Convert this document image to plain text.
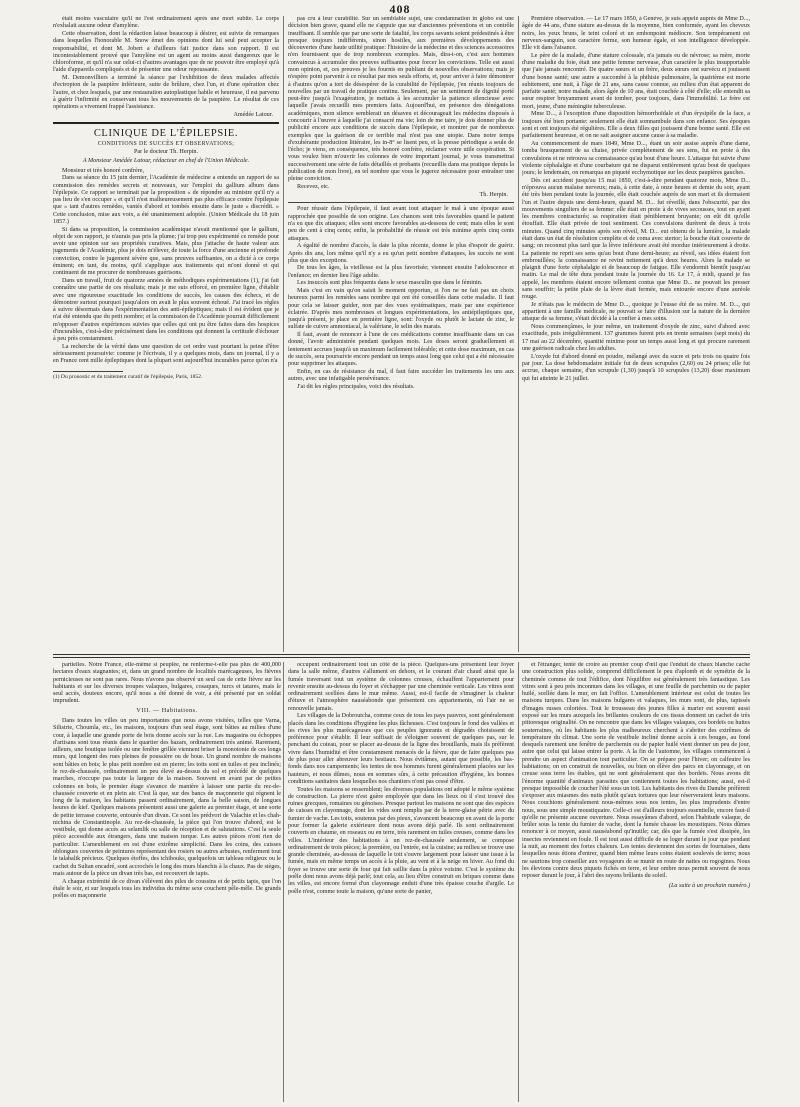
408

était moins vasculaire qu'il ne l'est ordinairement après une mort subite. Le corps n'exhalait aucune odeur d'amylène.

Cette observation, dont la rédaction laisse beaucoup à désirer, est suivie de remarques dans lesquelles l'honorable M. Snow émet des opinions dont lui seul peut accepter la responsabilité, et dont M. Jobert a d'ailleurs fait justice dans son rapport. Il est incontestablement prouvé que l'amylène est un agent au moins aussi dangereux que le chloroforme, et qu'il n'a sur celui-ci d'autres avantages que de ne pouvoir être employé qu'à l'aide d'appareils compliqués et de présenter une odeur repoussante.

M. Demonvilliers a terminé la séance par l'exhibition de deux malades affectés d'ectropion de la paupière inférieure, suite de brûlure, chez l'un, et d'une opération chez l'autre, et chez lesquels, par une restauration autoplastique habile et heureuse, il est parvenu à guérir l'infirmité en conservant tous les mouvements de la paupière. Le résultat de ces opérations a vivement frappé l'assistance.

Amédée Latour.
CLINIQUE DE L'ÉPILEPSIE.
CONDITIONS DE SUCCÈS ET OBSERVATIONS;
Par le docteur Th. Herpin.
A Monsieur Amédée Latour, rédacteur en chef de l'Union Médicale.

Monsieur et très honoré confrère,

Dans sa séance du 15 juin dernier, l'Académie de médecine a entendu un rapport de sa commission des remèdes secrets et nouveaux, sur l'emploi du gallium album dans l'épilepsie. Ce rapport se terminait par la proposition « de répondre au ministre qu'il n'y a pas lieu de s'en occuper » et qu'il n'est malheureusement pas plus efficace contre l'épilepsie que » tant d'autres remèdes, vantés d'abord et tombés ensuite dans le juste » discrédit. » Cette conclusion, mise aux voix, a été unanimement adoptée. (Union Médicale du 18 juin 1857.)

Si dans sa proposition, la commission académique n'avait mentionné que le gallium, objet de son rapport, je n'aurais pas pris la plume; j'ai trop peu expérimenté ce remède pour avoir une opinion sur ses propriétés curatives. Mais, plus j'attache de haute valeur aux jugements de l'Académie, plus je dois m'élever, de toute la force d'une ancienne et profonde conviction, contre le jugement sévère que, sans preuves suffisantes, on a dicté à ce corps éminent; en tant, du moins, qu'il s'applique aux traitements qui m'ont donné et qui continuent de me procurer de nombreuses guérisons.

Dans un travail, fruit de quatorze années de méthodiques expérimentations (1), j'ai fait connaître une partie de ces résultats; mais je me suis efforcé, en première ligne, d'établir avec une rigoureuse exactitude les conditions de succès, les causes des échecs, et de démontrer surtout pourquoi jusqu'alors on avait le plus souvent échoué. J'ai tracé les règles à suivre désormais dans l'expérimentation des anti-épileptiques; mais il est évident que je n'ai été entendu que du petit nombre; et la commission de l'Académie pourrait difficilement m'opposer d'autres expériences suivies que celles qui ont pu être faites dans des hospices d'incurables, c'est-à-dire précisément dans les conditions qui donnent la certitude d'échouer à peu près constamment.

La recherche de la vérité dans une question de cet ordre vaut pourtant la peine d'être sérieusement poursuivie: comme je l'écrivais, il y a quelques mois, dans un journal, il y a en France cent mille épileptiques dont la plupart sont aujourd'hui incurables parce qu'on n'a

(1) Du pronostic et du traitement curatif de l'épilepsie, Paris, 1852.

pas cru à leur curabilité. Sur un semblable sujet, une condamnation in globo est une décision bien grave, quand elle ne s'appuie que sur d'anciennes préventions et un contrôle insuffisant. Il semble que par une sorte de fatalité, les corps savants soient prédestinés à être presque toujours indifférents, sinon hostiles, aux premières développements des découvertes d'une haute utilité pratique: l'histoire de la médecine et des sciences accessoires n'en fournissent que de trop nombreux exemples. Mais, dira-t-on, c'est aux hommes convaincus à accumuler des preuves suffisantes pour forcer les convictions. Telle est aussi mon opinion, et, ces preuves je les fournis en publiant de nouvelles observations; mais je n'espère point parvenir à ce résultat par mes seuls efforts, et, pour arriver à faire démontrer à d'autres qu'on a tort de désespérer de la curabilité de l'épilepsie, j'en réunis toujours de nouvelles par un travail de pratique continu. Seulement, par un sentiment de dignité porté peut-être jusqu'à l'exagération, je mettais à les accumuler la patience silencieuse avec laquelle j'avais recueilli mes premiers faits. Aujourd'hui, en présence des dénégations académiques, mon silence semblerait un désaveu et décourageait les médecins disposés à concourir à l'œuvre à laquelle j'ai consacré ma vie; loin de me taire, je dois donner plus de publicité encore aux conditions de succès dans l'épilepsie, et montrer par de nombreux exemples que la guérison de ce terrible mal n'est pas une utopie. Dans notre temps d'exubérante production littéraire, les in-8° se lisent peu, et la presse périodique a seule de l'écho; je viens, en conséquence, très honoré confrère, réclamer votre utile coopération. Si vous voulez bien m'ouvrir les colonnes de votre important journal, je vous transmettrai successivement une série de faits détaillés et probants (recueillis dans ma pratique depuis la publication de mon livre), en tel nombre que vous le jugerez nécessaire pour entraîner une pleine conviction.

Recevez, etc.

Th. Herpin.

Pour réussir dans l'épilepsie, il faut avant tout attaquer le mal à une époque aussi rapprochée que possible de son origine. Les chances sont très favorables quand le patient n'a eu que dix attaques; elles sont encore favorables au-dessous de cent; mais elles le sont peu de cent à cinq cents; enfin, la probabilité de réussir est très minime après cinq cents attaques.

A égalité de nombre d'accès, la date la plus récente, donne le plus d'espoir de guérir. Après dix ans, lors même qu'il n'y a eu qu'un petit nombre d'attaques, les succès ne sont plus que des exceptions.

De tous les âges, la vieillesse est la plus favorisée; viennent ensuite l'adolescence et l'enfance; en dernier lieu l'âge adulte.

Les insuccès sont plus fréquents dans le sexe masculin que dans le féminin.

Mais c'est en vain qu'on saisit le moment opportun, si l'on ne ne fait pas un choix heureux parmi les remèdes sans nombre qui ont été conseillés dans cette maladie. Il faut pour cela se laisser guider, non par des vues systématiques, mais par une expérience éclairée. D'après mes nombreuses et longues expérimentations, les antiépileptiques que, jusqu'à présent, je place en première ligne, sont: l'oxyde ou plutôt le lactate de zinc, le sulfate de cuivre ammoniacal, la valériane, le selin des marais.

Il faut, avant de renoncer à l'une de ces médications comme insuffisante dans un cas donné, l'avoir administrée pendant quelques mois. Les doses seront graduellement et lentement accrues jusqu'à un maximum facilement tolérable; et cette dose maximum, en cas de succès, sera poursuivie encore pendant un temps aussi long que celui qui a été nécessaire pour supprimer les attaques.

Enfin, en cas de résistance du mal, il faut faire succéder les traitements les uns aux autres, avec une infatigable persévérance.

J'ai dit les règles principales, voici des résultats.

Première observation. — Le 17 mars 1850, à Genève, je suis appelé auprès de Mme D..., âgée de 44 ans, d'une stature au-dessus de la moyenne, bien conformée, ayant les cheveux noirs, les yeux bruns, le teint coloré et un embonpoint médiocre. Son tempérament est nerveux-sanguin, son caractère ferme, son humeur égale, et son intelligence développée. Elle vit dans l'aisance.

Le père de la malade, d'une stature colossale, n'a jamais eu de névrose; sa mère, morte d'une maladie du foie, était une petite femme nerveuse, d'un caractère le plus insupportable que j'aie jamais rencontré. De quatre sœurs et un frère, deux sœurs ont survécu et jouissent d'une bonne santé; une autre a succombé à la phthisie pulmonaire, la quatrième est morte subitement, une nuit, à l'âge de 21 ans, sans cause connue, au milieu d'un état apparent de parfaite santé; notre malade, alors âgée de 10 ans, était couchée à côté d'elle; elle entendit sa sœur respirer bruyamment avant de tomber, pour toujours, dans l'immobilité. Le frère est mort, jeune, d'une méningite tuberculeuse.

Mme D..., à l'exception d'une disposition hémorrhoïdale et d'un érysipèle de la face, a toujours été bien portante: seulement elle était somnambule dans son enfance. Ses époques sont et ont toujours été régulières. Elle a deux filles qui jouissent d'une bonne santé. Elle est parfaitement heureuse, et on ne sait assigner aucune cause à sa maladie.

Au commencement de mars 1849, Mme D..., étant un soir assise auprès d'une dame, tomba brusquement de sa chaise, privée complètement de ses sens, fut en proie à des convulsions et ne retrouva sa connaissance qu'au bout d'une heure. L'attaque fut suivie d'une violente céphalalgie et d'une courbature qui ne disparut entièrement qu'au bout de quelques jours; le lendemain, on remarqua un piqueté ecchymotique sur les deux paupières gauches.

Dès cet accident jusqu'au 15 mai 1850, c'est-à-dire pendant quatorze mois, Mme D... n'éprouva aucun malaise nerveux; mais, à cette date, à onze heures et demie du soir, ayant été très bien pendant toute la journée, elle était couchée auprès de son mari et ils dormaient l'un et l'autre depuis une demi-heure, quand M. D... fut réveillé, dans l'obscurité, par des mouvements singuliers de sa femme: elle était en proie à de vives secousses, tout en ayant les membres contracturés; sa respiration était péniblement bruyante; on eût dit qu'elle étouffait. Elle était privée de tout sentiment. Ces convulsions durèrent de deux à trois minutes. Quand cinq minutes après son réveil, M. D... eut obtenu de la lumière, la malade était dans un état de résolution complète et de coma avec stertor; la bouche était couverte de sang; on reconnut plus tard que la lèvre inférieure avait été mordue intérieurement à droite. La patiente ne reprit ses sens qu'au bout d'une demi-heure; au réveil, ses idées étaient fort embrouillées; la connaissance ne revint nettement qu'à deux heures. Alors la malade se plaignit d'une forte céphalalgie et de beaucoup de fatigue. Elle s'endormit bientôt jusqu'au matin. Le mal de tête dura pendant toute la journée du 16. Le 17, à midi, quand je fus appelé, les membres étaient encore tellement contus que Mme D... ne pouvait les presser sans souffrir; la petite plaie de la lèvre était fermée, mais entourée encore d'une auréole rouge.

Je n'étais pas le médecin de Mme D..., quoique je l'eusse été de sa mère. M. D..., qui appartient à une famille médicale, ne pouvait se faire d'illusion sur la nature de la dernière attaque de sa femme, s'était décidé à la confier à mes soins.

Nous commençâmes, le jour même, un traitement d'oxyde de zinc, suivi d'abord avec exactitude, puis irrégulièrement. 137 grammes furent pris en trente semaines (sept mois) du 17 mai au 22 décembre, quantité minime pour un temps aussi long et qui procure rarement une guérison radicale chez les adultes.

L'oxyde fut d'abord donné en poudre, mélangé avec du sucre et pris trois ou quatre fois par jour. La dose hebdomadaire initiale fut de deux scrupules (2,60) ou 24 prises; elle fut accrue, chaque semaine, d'un scrupule (1,30) jusqu'à 10 scrupules (13,20) dose maximum qui fut atteinte le 21 juillet.

partielles. Notre France, elle-même si peuplée, ne renferme-t-elle pas plus de 400,000 hectares d'eaux stagnantes; et, dans un grand nombre de localités marécageuses, les fièvres pernicieuses ne sont pas rares. Nous n'avons pas observé un seul cas de cette fièvre sur les habitants et sur les diverses troupes valaques, bulgares, cosaques, turcs et tatares, mais le seul accès, douteux encore, qu'il nous a été donné de voir, a été présenté par un soldat imprudent.

VIII. — Habitations.

Dans toutes les villes un peu importantes que nous avons visitées, telles que Varna, Silistrie, Choumla, etc., les maisons, toujours d'un seul étage, sont bâties au milieu d'une cour, à laquelle une grande porte de bois donne accès sur la rue. Les magasins ou échoppes d'artisans sont tous réunis dans le quartier des bazars, ordinairement très animé. Rarement, ailleurs, une boutique isolée ou une fenêtre grillée viennent briser la monotonie de ces longs murs, qui longent des rues pleines de poussière ou de boue. Un grand nombre de maisons sont bâties en bois; le plus petit nombre est en pierre; les toits sont en tuiles et peu inclinés; le rez-de-chaussée, ordinairement un peu élevé au-dessus du sol et précédé de quelques marches, n'occupe pas toute la largeur de la maison. Souvent en avant par de petites colonnes en bois, le premier étage s'avance de manière à laisser une partie du rez-de-chaussée couverte et en plein air. C'est là que, sur des bancs de maçonnerie qui régnent le long de la maison, les habitants passent ordinairement, dans la belle saison, de longues heures de kief. Quelques maisons présentent aussi une galerie au premier étage, et une sorte de petite terrasse couverte, entourée d'un divan. Ce sont les prédvori de Valachie et les chah-nichina de Constantinople. Au rez-de-chaussée, la pièce qui l'on trouve d'abord, est le vestibule, qui donne accès au selamlik ou salle de réception et de salutations. C'est la seule pièce accessible aux étrangers, dans une maison turque. Les autres pièces n'ont rien de particulier. L'ameublement en est d'une extrême simplicité. Dans les coins, des caisses oblongues couvertes de peintures représentant des rosiers ou autres arbustes, renferment tout le talabalik précieux. Quelques étoffes, des tchibouks, quelquefois un tableau religieux ou le cachet du Sultan encadré, sont accrochés le long des murs blanchis à la chaux. Pas de sièges, mais autour de la pièce un divan très bas, est recouvert de tapis.

A chaque extrémité de ce divan s'élèvent des piles de coussins et de petits tapis, que l'on étale le soir, et sur lesquels tous les individus du même sexe couchent pêle-mêle. De grands poêles en maçonnerie

occupent ordinairement tout un côté de la pièce. Quelques-uns présentent leur foyer dans la salle même, d'autres s'allument en dehors, et le courant d'air chaud ainsi que la fumée traversant tout un système de colonnes creuses, échauffent l'appartement pour revenir ensuite au-dessus du foyer et s'échapper par une cheminée verticale. Les vitres sont ordinairement scellées dans le mur même. Aussi, est-il facile de s'imaginer la chaleur d'étuve et l'atmosphère nauséabonde que présentent ces appartements, où l'air ne se renouvelle jamais.

Les villages de la Dobroutcha, comme ceux de tous les pays pauvres, sont généralement placés dans les conditions d'hygiène les plus fâcheuses. C'est toujours le fond des vallées et les rives les plus marécageuses que ces peuples ignorants et dégradés choisissent de préférence pour s'établir. Il leur suffisait de s'éloigner souvent de quelques pas, sur le penchant du coteau, pour se placer au-dessus de la ligne des brouillards, mais ils préfèrent vivre dans l'humidité et être constamment menacés de la fièvre, que de faire quelques pas de plus pour aller abreuver leurs bestiaux. Nous évitâmes, autant que possible, les bas-fonds dans nos campements; les tentes de nos hommes furent généralement placées sur les hauteurs, et nous dûmes, nous en sommes sûrs, à cette précaution d'hygiène, les bonnes conditions sanitaires dans lesquelles nos chantiers n'ont pas cessé d'être.

Toutes les maisons se ressemblent; les diverses populations ont adopté le même système de construction. La pierre n'est guère employée que dans les lieux où il s'est trouvé des ruines grecques, romaines ou génoises. Presque partout les maisons ne sont que des espèces de caisses en clayonnage, dont les vides sont remplis par de la terre-glaise pétrie avec du fumier de vache. Les toits, soutenus par des pieux, s'avancent beaucoup en avant de la porte pour former la galerie extérieure dont nous avons déjà parlé. Ils sont ordinairement couverts en chaume, en roseaux ou en terre, très rarement en tuiles creuses, comme dans les villes. L'intérieur des habitations à un rez-de-chaussée seulement, se compose ordinairement de trois pièces; la première, ou l'entrée, est la cuisine; au milieu se trouve une grande cheminée, au-dessus de laquelle le toit s'ouvre largement pour laisser une issue à la fumée, mais en même temps un accès à la pluie, au vent et à la neige en hiver. Au fond du foyer se trouve une sorte de four qui fait saillie dans la pièce voisine. C'est le système du poêle dont nous avons déjà parlé; tout cela, au lieu d'être construit en briques comme dans les villes, est encore formé d'un clayonnage enduit d'une très épaisse couche d'argile. Le poêle n'est, comme toute la maison, qu'une sorte de panier,

et l'étranger, tenté de croire au premier coup d'œil que l'enduit de chaux blanche cache une construction plus solide, comprend difficilement le peu d'aplomb et de symétrie de la cheminée comme de tout l'édifice, dont l'équilibre est généralement très fantastique. Les vitres sont à peu près inconnues dans les villages, et une feuille de parchemin ou de papier huilé, scellée dans le mur, en fait l'office. L'ameublement intérieur est celui de toutes les maisons turques. Dans les maisons bulgares et valaques, les murs sont, de plus, tapissés d'images russes coloriées. Tout le trousseau des jeunes filles à marier est souvent aussi exposé sur les murs auxquels les brillantes couleurs de ces tissus donnent un cachet de très pittoresque originalité. On ne rencontre que dans les villages valaques, ces bordeïs ou huttes souterraines, où les habitants les plus malheureux cherchent à s'abriter des extrêmes de température du climat. Une sorte de vestibule incliné donne accès à ces bouges, au fond desquels rarement une fenêtre de parchemin ou de papier huilé vient donner un peu de jour, autre que celui qui laisse entrer la porte. A la fin de l'automne, les villages commencent à prendre un aspect d'animation tout particulier. On se prépare pour l'hiver; on calfeutre les habitations; on en construit de nouvelles, ou bien on élève des parcs en clayonnage, et on creuse sous terre les étables, qui ne sont généralement que des bordeïs. Nous avons dit l'énorme quantité d'animaux parasites que contiennent toutes les habitations; aussi, est-il presque impossible de coucher l'été sous un toit. Les habitants des rives du Danube préfèrent s'exposer aux miasmes des nuits plutôt qu'aux tortures que leur réserveraient leurs maisons. Nous couchions généralement nous-mêmes sous nos tentes, les plus imprudents d'entre nous, sous une simple moustiquaire. Celle-ci est d'ailleurs toujours essentielle, encore faut-il qu'elle ne présente aucune ouverture. Nous essayâmes d'abord, selon l'habitude valaque, de brûler sous la tente du fumier de vache, dont la fumée chasse les moustiques. Nous dûmes renoncer à ce moyen, aussi nauséabond qu'inutile; car, dès que la fumée s'est dissipée, les insectes reviennent en foule. Il est tout aussi difficile de se loger durant le jour que pendant la nuit, au moment des fortes chaleurs. Les tentes deviennent des sortes de fournaises, dans lesquelles nous étions d'entrer, quand bien même leurs coins étaient soulevés de terre; nous ne saurions trop conseiller aux voyageurs de se munir en route de nattes ou rogogines. Nous les élevions contre deux piquets fichés en terre, et leur ombre nous permit souvent de nous reposer durant le jour, à l'abri des rayons brûlants du soleil.

(La suite à un prochain numéro.)
